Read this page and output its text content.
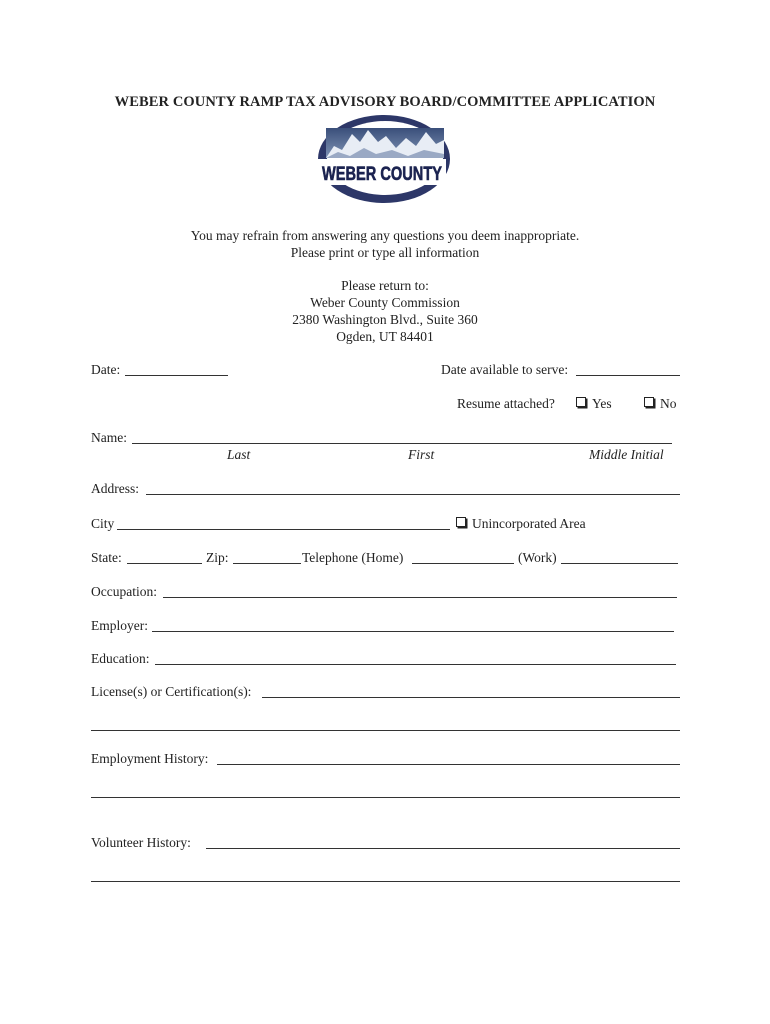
WEBER COUNTY RAMP TAX ADVISORY BOARD/COMMITTEE APPLICATION
WEBER COUNTY
You may refrain from answering any questions you deem inappropriate.
Please print or type all information
Please return to:
Weber County Commission
2380 Washington Blvd., Suite 360
Ogden, UT 84401
Date:	Date available to serve:
Resume attached?	Yes	No
Name:
Last	First	Middle Initial
Address:
City	Unincorporated Area
State:	Zip:	Telephone (Home)	(Work)
Occupation:
Employer:
Education:
License(s) or Certification(s):
Employment History:
Volunteer History:
